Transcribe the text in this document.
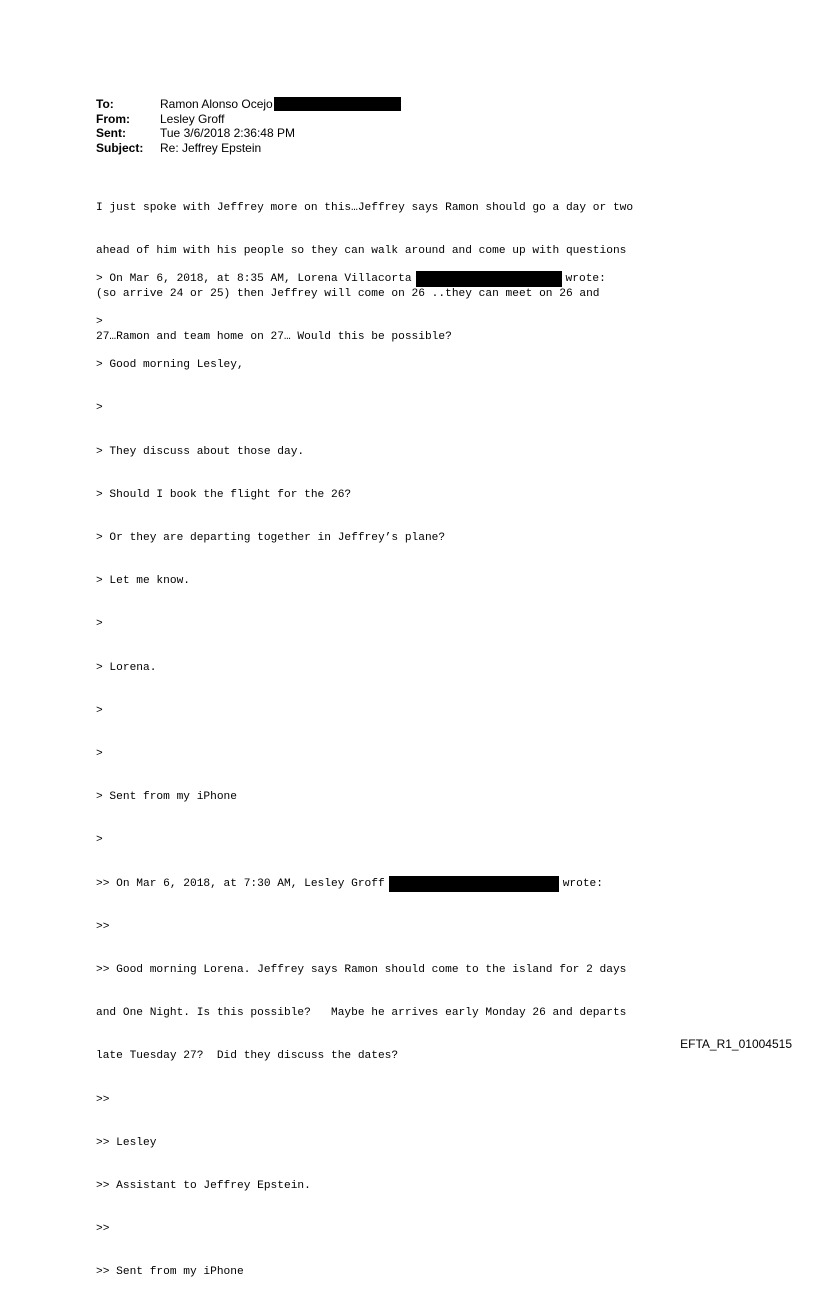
To:	Ramon Alonso Ocejo
From:	Lesley Groff
Sent:	Tue 3/6/2018 2:36:48 PM
Subject:	Re: Jeffrey Epstein

I just spoke with Jeffrey more on this…Jeffrey says Ramon should go a day or two

ahead of him with his people so they can walk around and come up with questions

(so arrive 24 or 25) then Jeffrey will come on 26 ..they can meet on 26 and

27…Ramon and team home on 27… Would this be possible?

> On Mar 6, 2018, at 8:35 AM, Lorena Villacorta	wrote:

>

> Good morning Lesley,

>

> They discuss about those day.

> Should I book the flight for the 26?

> Or they are departing together in Jeffrey’s plane?

> Let me know.

>

> Lorena.

>

>

> Sent from my iPhone

>

>> On Mar 6, 2018, at 7:30 AM, Lesley Groff	wrote:

>>

>> Good morning Lorena. Jeffrey says Ramon should come to the island for 2 days

and One Night. Is this possible?   Maybe he arrives early Monday 26 and departs

late Tuesday 27?  Did they discuss the dates?

>>

>> Lesley

>> Assistant to Jeffrey Epstein.

>>

>> Sent from my iPhone

EFTA_R1_01004515
